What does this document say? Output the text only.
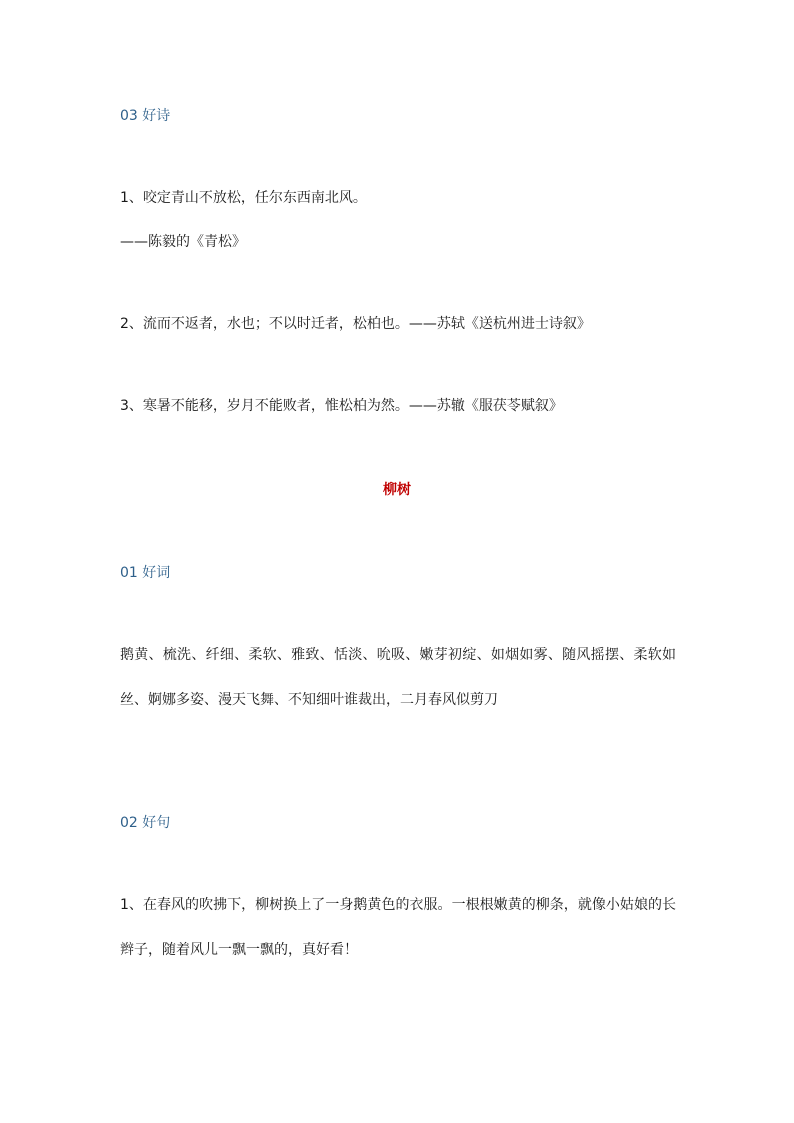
03 好诗
1、咬定青山不放松，任尔东西南北风。
——陈毅的《青松》
2、流而不返者，水也；不以时迁者，松柏也。——苏轼《送杭州进士诗叙》
3、寒暑不能移，岁月不能败者，惟松柏为然。——苏辙《服茯苓赋叙》
柳树
01 好词
鹅黄、梳洗、纤细、柔软、雅致、恬淡、吮吸、嫩芽初绽、如烟如雾、随风摇摆、柔软如丝、婀娜多姿、漫天飞舞、不知细叶谁裁出，二月春风似剪刀
02 好句
1、在春风的吹拂下，柳树换上了一身鹅黄色的衣服。一根根嫩黄的柳条，就像小姑娘的长辫子，随着风儿一飘一飘的，真好看！
